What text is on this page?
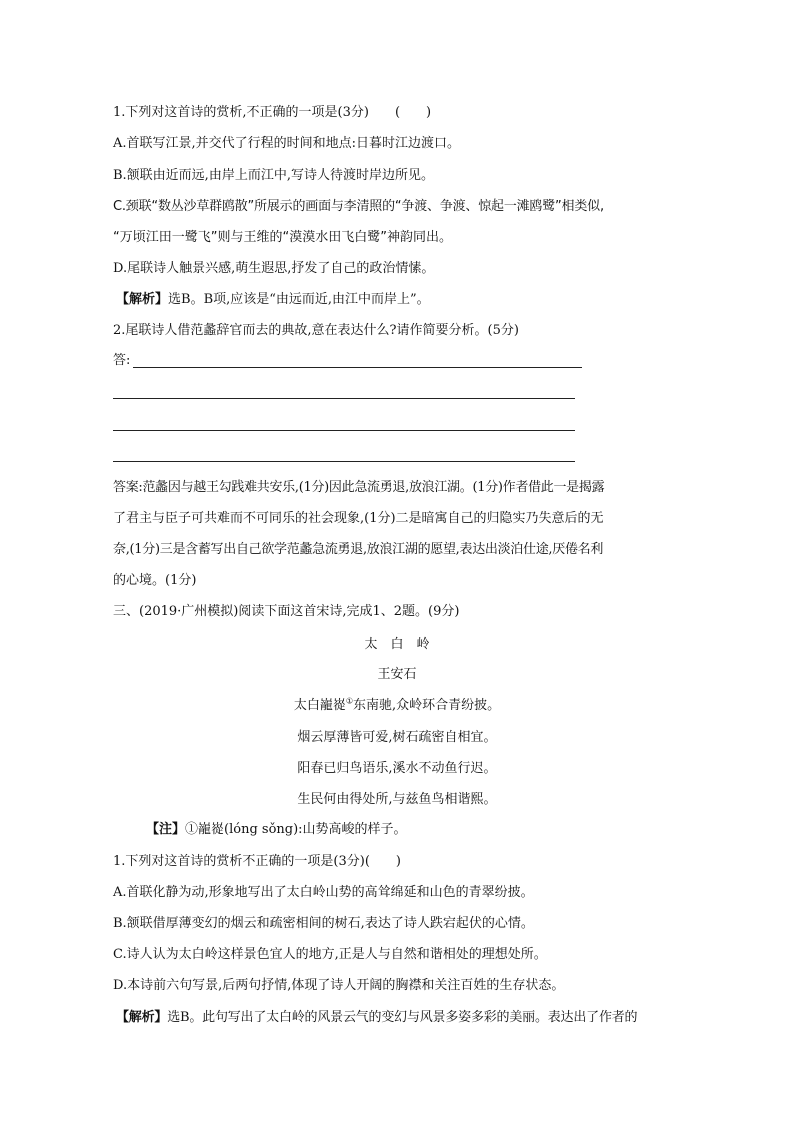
1.下列对这首诗的赏析,不正确的一项是(3分)　　(　　)
A.首联写江景,并交代了行程的时间和地点:日暮时江边渡口。
B.颔联由近而远,由岸上而江中,写诗人待渡时岸边所见。
C.颈联“数丛沙草群鸥散”所展示的画面与李清照的“争渡、争渡、惊起一滩鸥鹭”相类似,
“万顷江田一鹭飞”则与王维的“漠漠水田飞白鹭”神韵同出。
D.尾联诗人触景兴感,萌生遐思,抒发了自己的政治情愫。
【解析】选B。B项,应该是“由远而近,由江中而岸上”。
2.尾联诗人借范蠡辞官而去的典故,意在表达什么?请作简要分析。(5分)
答:
答案:范蠡因与越王勾践难共安乐,(1分)因此急流勇退,放浪江湖。(1分)作者借此一是揭露
了君主与臣子可共难而不可同乐的社会现象,(1分)二是暗寓自己的归隐实乃失意后的无
奈,(1分)三是含蓄写出自己欲学范蠡急流勇退,放浪江湖的愿望,表达出淡泊仕途,厌倦名利
的心境。(1分)
三、(2019·广州模拟)阅读下面这首宋诗,完成1、2题。(9分)
太　白　岭
王安石
太白巃嵸①东南驰,众岭环合青纷披。
烟云厚薄皆可爱,树石疏密自相宜。
阳春已归鸟语乐,溪水不动鱼行迟。
生民何由得处所,与兹鱼鸟相谐熙。
【注】①巃嵸(lóng sǒng):山势高峻的样子。
1.下列对这首诗的赏析不正确的一项是(3分)(　　)
A.首联化静为动,形象地写出了太白岭山势的高耸绵延和山色的青翠纷披。
B.颔联借厚薄变幻的烟云和疏密相间的树石,表达了诗人跌宕起伏的心情。
C.诗人认为太白岭这样景色宜人的地方,正是人与自然和谐相处的理想处所。
D.本诗前六句写景,后两句抒情,体现了诗人开阔的胸襟和关注百姓的生存状态。
【解析】选B。此句写出了太白岭的风景云气的变幻与风景多姿多彩的美丽。表达出了作者的
